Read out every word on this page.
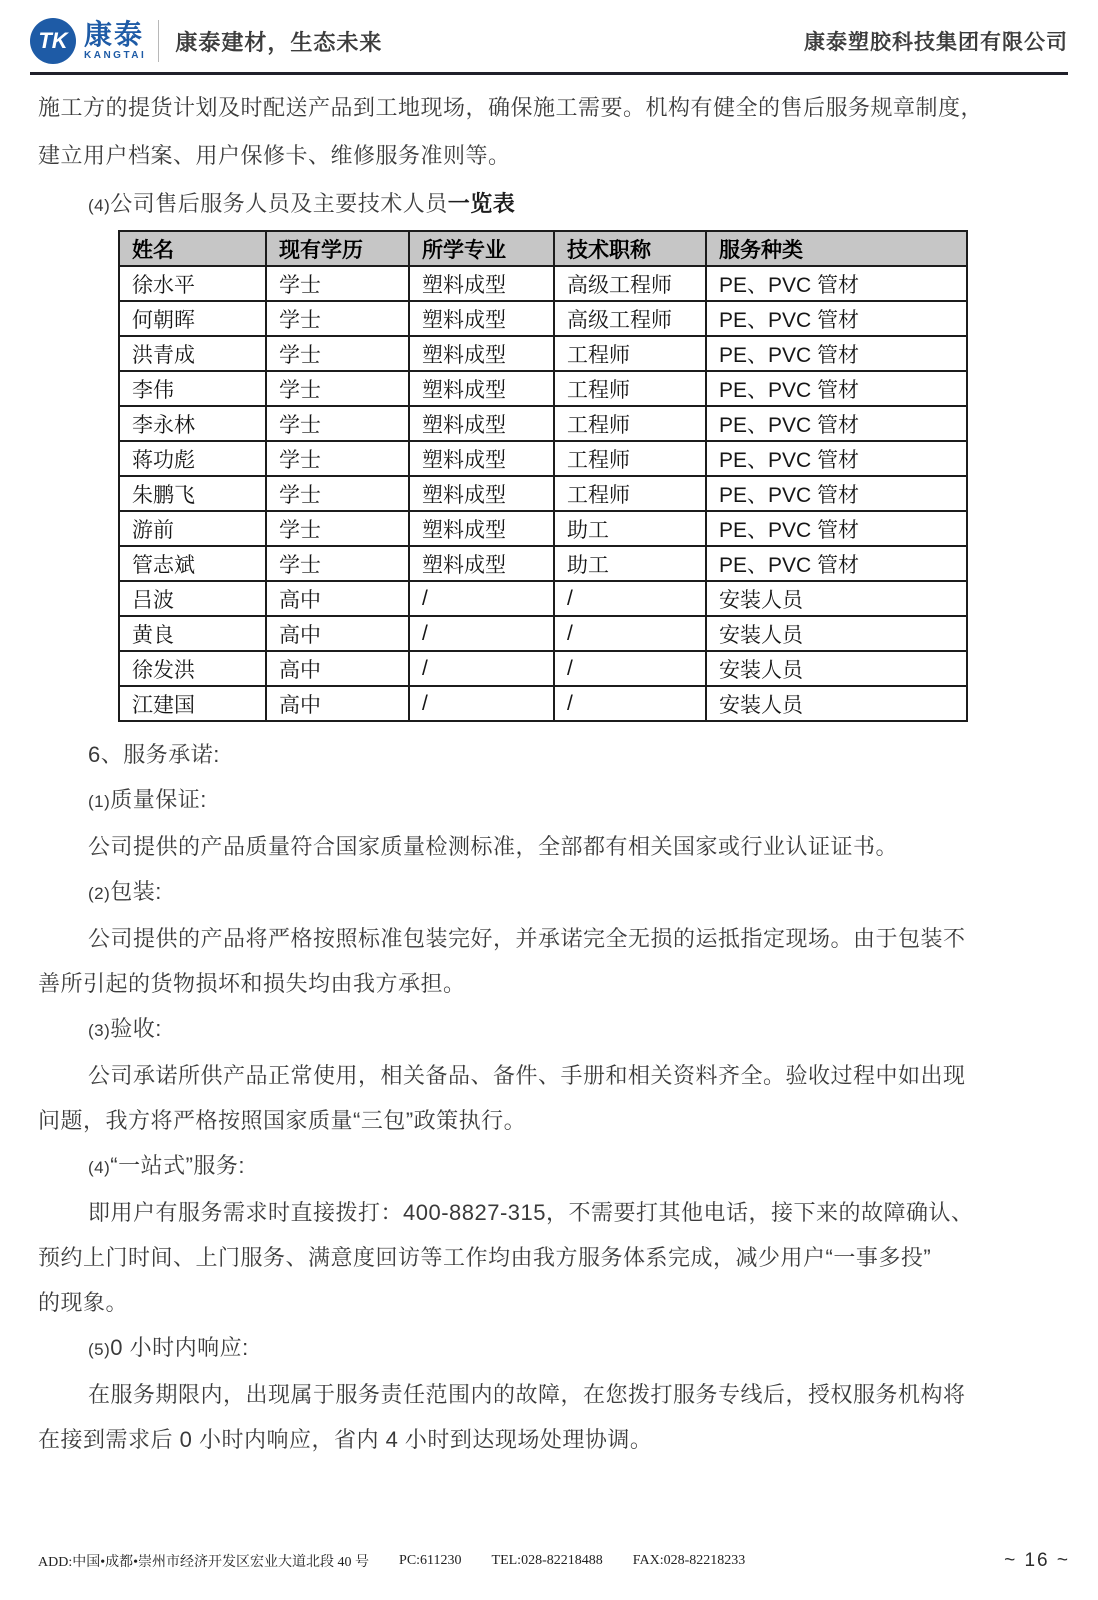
TK 康泰
KANGTAI
康泰建材，生态未来	康泰塑胶科技集团有限公司
施工方的提货计划及时配送产品到工地现场，确保施工需要。机构有健全的售后服务规章制度，
建立用户档案、用户保修卡、维修服务准则等。
(4)公司售后服务人员及主要技术人员一览表
姓名	现有学历	所学专业	技术职称	服务种类
徐水平	学士	塑料成型	高级工程师	PE、PVC 管材
何朝晖	学士	塑料成型	高级工程师	PE、PVC 管材
洪青成	学士	塑料成型	工程师	PE、PVC 管材
李伟	学士	塑料成型	工程师	PE、PVC 管材
李永林	学士	塑料成型	工程师	PE、PVC 管材
蒋功彪	学士	塑料成型	工程师	PE、PVC 管材
朱鹏飞	学士	塑料成型	工程师	PE、PVC 管材
游前	学士	塑料成型	助工	PE、PVC 管材
管志斌	学士	塑料成型	助工	PE、PVC 管材
吕波	高中	/	/	安装人员
黄良	高中	/	/	安装人员
徐发洪	高中	/	/	安装人员
江建国	高中	/	/	安装人员
6、服务承诺:
(1)质量保证:
公司提供的产品质量符合国家质量检测标准，全部都有相关国家或行业认证证书。
(2)包装:
公司提供的产品将严格按照标准包装完好，并承诺完全无损的运抵指定现场。由于包装不
善所引起的货物损坏和损失均由我方承担。
(3)验收:
公司承诺所供产品正常使用，相关备品、备件、手册和相关资料齐全。验收过程中如出现
问题，我方将严格按照国家质量“三包”政策执行。
(4)“一站式”服务:
即用户有服务需求时直接拨打：400-8827-315，不需要打其他电话，接下来的故障确认、
预约上门时间、上门服务、满意度回访等工作均由我方服务体系完成，减少用户“一事多投”
的现象。
(5)0 小时内响应:
在服务期限内，出现属于服务责任范围内的故障，在您拨打服务专线后，授权服务机构将
在接到需求后 0 小时内响应，省内 4 小时到达现场处理协调。
ADD:中国•成都•崇州市经济开发区宏业大道北段 40 号 PC:611230 TEL:028-82218488 FAX:028-82218233	~ 16 ~
